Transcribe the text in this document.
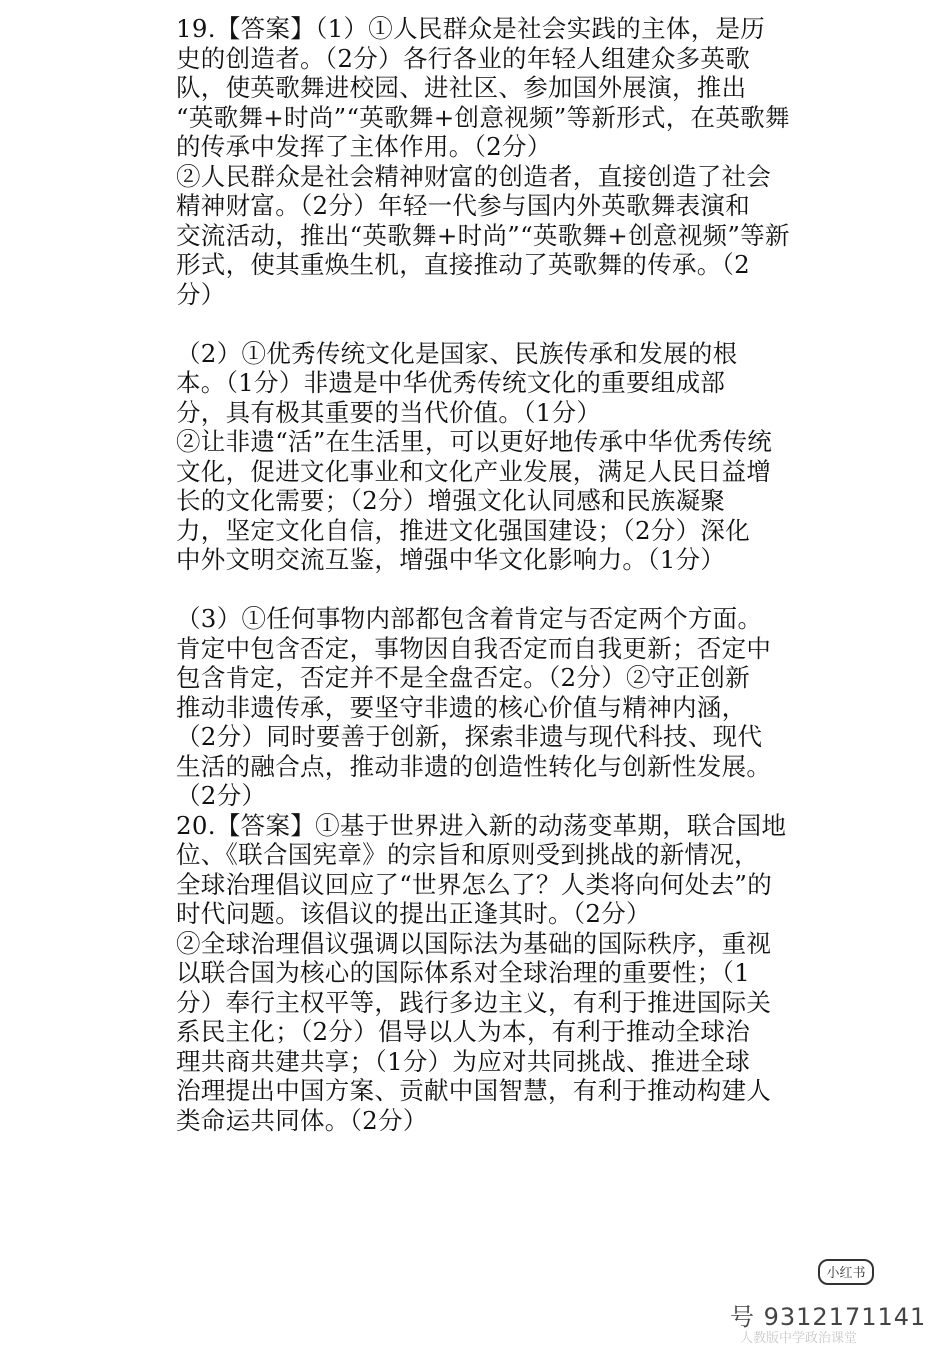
19.【答案】（1）①人民群众是社会实践的主体，是历
史的创造者。（2分）各行各业的年轻人组建众多英歌
队，使英歌舞进校园、进社区、参加国外展演，推出
“英歌舞+时尚”“英歌舞+创意视频”等新形式，在英歌舞
的传承中发挥了主体作用。（2分）
②人民群众是社会精神财富的创造者，直接创造了社会
精神财富。（2分）年轻一代参与国内外英歌舞表演和
交流活动，推出“英歌舞+时尚”“英歌舞+创意视频”等新
形式，使其重焕生机，直接推动了英歌舞的传承。（2
分）
（2）①优秀传统文化是国家、民族传承和发展的根
本。（1分）非遗是中华优秀传统文化的重要组成部
分，具有极其重要的当代价值。（1分）
②让非遗“活”在生活里，可以更好地传承中华优秀传统
文化，促进文化事业和文化产业发展，满足人民日益增
长的文化需要；（2分）增强文化认同感和民族凝聚
力，坚定文化自信，推进文化强国建设；（2分）深化
中外文明交流互鉴，增强中华文化影响力。（1分）
（3）①任何事物内部都包含着肯定与否定两个方面。
肯定中包含否定，事物因自我否定而自我更新；否定中
包含肯定，否定并不是全盘否定。（2分）②守正创新
推动非遗传承，要坚守非遗的核心价值与精神内涵，
（2分）同时要善于创新，探索非遗与现代科技、现代
生活的融合点，推动非遗的创造性转化与创新性发展。
（2分）
20.【答案】①基于世界进入新的动荡变革期，联合国地
位、《联合国宪章》的宗旨和原则受到挑战的新情况，
全球治理倡议回应了“世界怎么了？人类将向何处去”的
时代问题。该倡议的提出正逢其时。（2分）
②全球治理倡议强调以国际法为基础的国际秩序，重视
以联合国为核心的国际体系对全球治理的重要性；（1
分）奉行主权平等，践行多边主义，有利于推进国际关
系民主化；（2分）倡导以人为本，有利于推动全球治
理共商共建共享；（1分）为应对共同挑战、推进全球
治理提出中国方案、贡献中国智慧，有利于推动构建人
类命运共同体。（2分）
小红书
号 9312171141
人教版中学政治课堂
